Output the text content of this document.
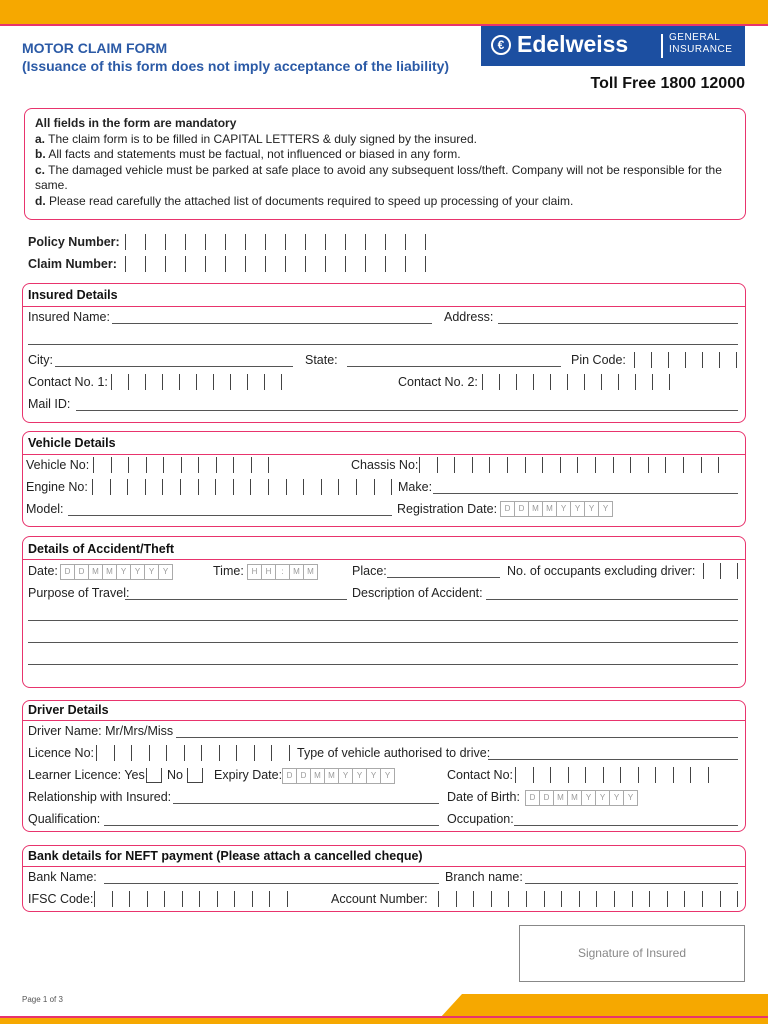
MOTOR CLAIM FORM
(Issuance of this form does not imply acceptance of the liability)
€ Edelweiss	GENERAL
INSURANCE
Toll Free 1800 12000
All fields in the form are mandatory
a. The claim form is to be filled in CAPITAL LETTERS & duly signed by the insured.
b. All facts and statements must be factual, not influenced or biased in any form.
c. The damaged vehicle must be parked at safe place to avoid any subsequent loss/theft. Company will not be responsible for the same.
d. Please read carefully the attached list of documents required to speed up processing of your claim.
Policy Number:
Claim Number:
Insured Details
Insured Name:	Address:
City:	State:	Pin Code:
Contact No. 1:	Contact No. 2:
Mail ID:
Vehicle Details
Vehicle No:	Chassis No:
Engine No:	Make:
Model:	Registration Date: D	D M M	Y	Y	Y	Y
Details of Accident/Theft
Date: D	D M M	Y	Y	Y	Y	Time: H	H	:	M M	Place:	No. of occupants excluding driver:
Purpose of Travel:	Description of Accident:
Driver Details
Driver Name: Mr/Mrs/Miss
Licence No:	Type of vehicle authorised to drive:
Learner Licence: Yes No Expiry Date: D	D M M	Y	Y	Y	Y	Contact No:
Relationship with Insured:	Date of Birth:	D	D M M	Y	Y	Y	Y
Qualification:	Occupation:
Bank details for NEFT payment (Please attach a cancelled cheque)
Bank Name:	Branch name:
IFSC Code:	Account Number:
Signature of Insured
Page 1 of 3
